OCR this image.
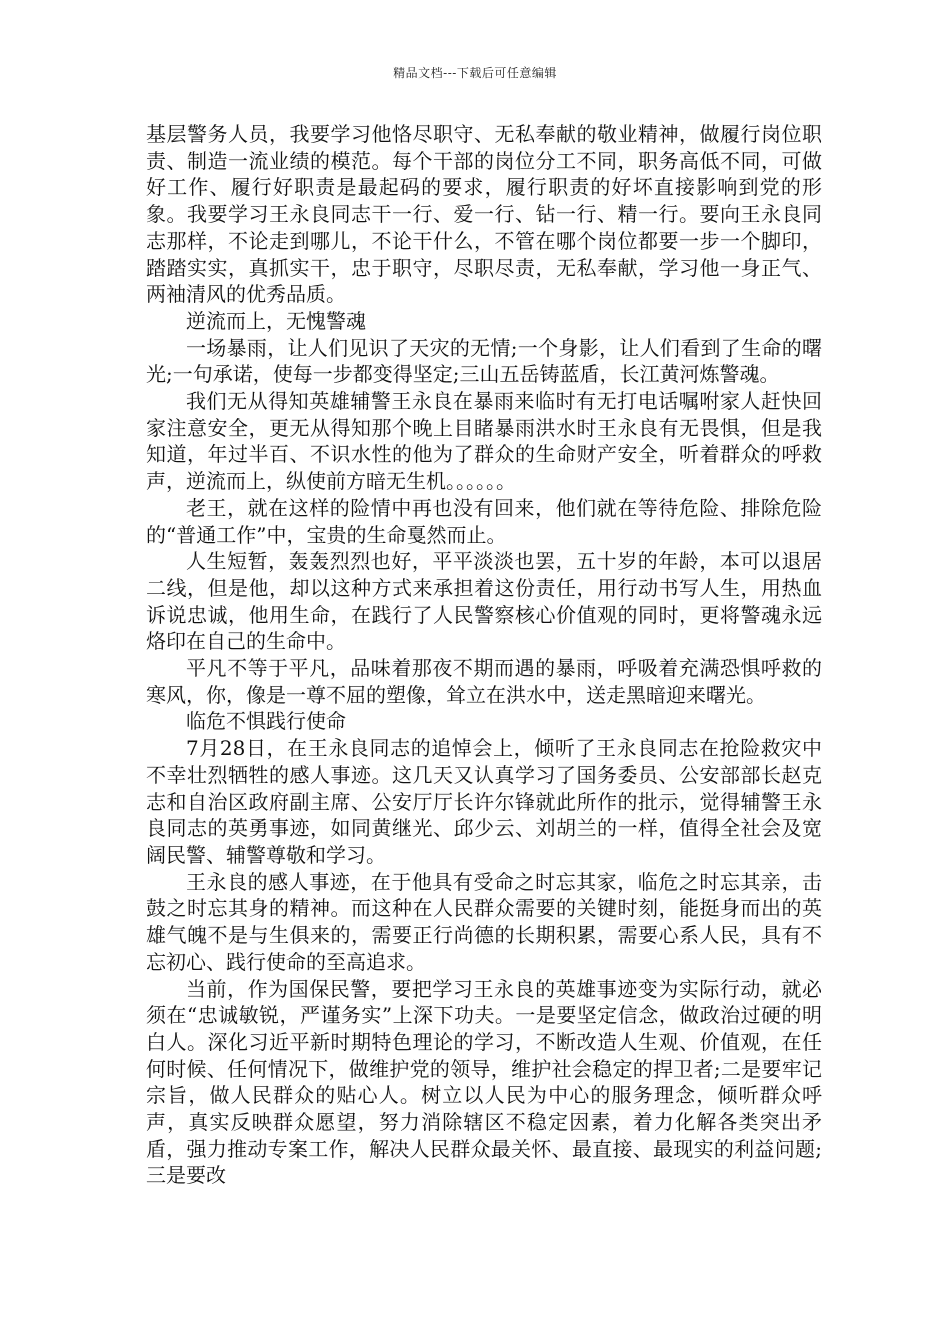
精品文档---下载后可任意编辑

基层警务人员，我要学习他恪尽职守、无私奉献的敬业精神，做履行岗位职责、制造一流业绩的模范。每个干部的岗位分工不同，职务高低不同，可做好工作、履行好职责是最起码的要求，履行职责的好坏直接影响到党的形象。我要学习王永良同志干一行、爱一行、钻一行、精一行。要向王永良同志那样，不论走到哪儿，不论干什么，不管在哪个岗位都要一步一个脚印，踏踏实实，真抓实干，忠于职守，尽职尽责，无私奉献，学习他一身正气、两袖清风的优秀品质。

逆流而上，无愧警魂

一场暴雨，让人们见识了天灾的无情;一个身影，让人们看到了生命的曙光;一句承诺，使每一步都变得坚定;三山五岳铸蓝盾，长江黄河炼警魂。

我们无从得知英雄辅警王永良在暴雨来临时有无打电话嘱咐家人赶快回家注意安全，更无从得知那个晚上目睹暴雨洪水时王永良有无畏惧，但是我知道，年过半百、不识水性的他为了群众的生命财产安全，听着群众的呼救声，逆流而上，纵使前方暗无生机。。。。。。

老王，就在这样的险情中再也没有回来，他们就在等待危险、排除危险的“普通工作”中，宝贵的生命戛然而止。

人生短暂，轰轰烈烈也好，平平淡淡也罢，五十岁的年龄，本可以退居二线，但是他，却以这种方式来承担着这份责任，用行动书写人生，用热血诉说忠诚，他用生命，在践行了人民警察核心价值观的同时，更将警魂永远烙印在自己的生命中。

平凡不等于平凡，品味着那夜不期而遇的暴雨，呼吸着充满恐惧呼救的寒风，你，像是一尊不屈的塑像，耸立在洪水中，送走黑暗迎来曙光。

临危不惧践行使命

7月28日，在王永良同志的追悼会上，倾听了王永良同志在抢险救灾中不幸壮烈牺牲的感人事迹。这几天又认真学习了国务委员、公安部部长赵克志和自治区政府副主席、公安厅厅长许尔锋就此所作的批示，觉得辅警王永良同志的英勇事迹，如同黄继光、邱少云、刘胡兰的一样，值得全社会及宽阔民警、辅警尊敬和学习。

王永良的感人事迹，在于他具有受命之时忘其家，临危之时忘其亲，击鼓之时忘其身的精神。而这种在人民群众需要的关键时刻，能挺身而出的英雄气魄不是与生俱来的，需要正行尚德的长期积累，需要心系人民，具有不忘初心、践行使命的至高追求。

当前，作为国保民警，要把学习王永良的英雄事迹变为实际行动，就必须在“忠诚敏锐，严谨务实”上深下功夫。一是要坚定信念，做政治过硬的明白人。深化习近平新时期特色理论的学习，不断改造人生观、价值观，在任何时候、任何情况下，做维护党的领导，维护社会稳定的捍卫者;二是要牢记宗旨，做人民群众的贴心人。树立以人民为中心的服务理念，倾听群众呼声，真实反映群众愿望，努力消除辖区不稳定因素，着力化解各类突出矛盾，强力推动专案工作，解决人民群众最关怀、最直接、最现实的利益问题;三是要改
